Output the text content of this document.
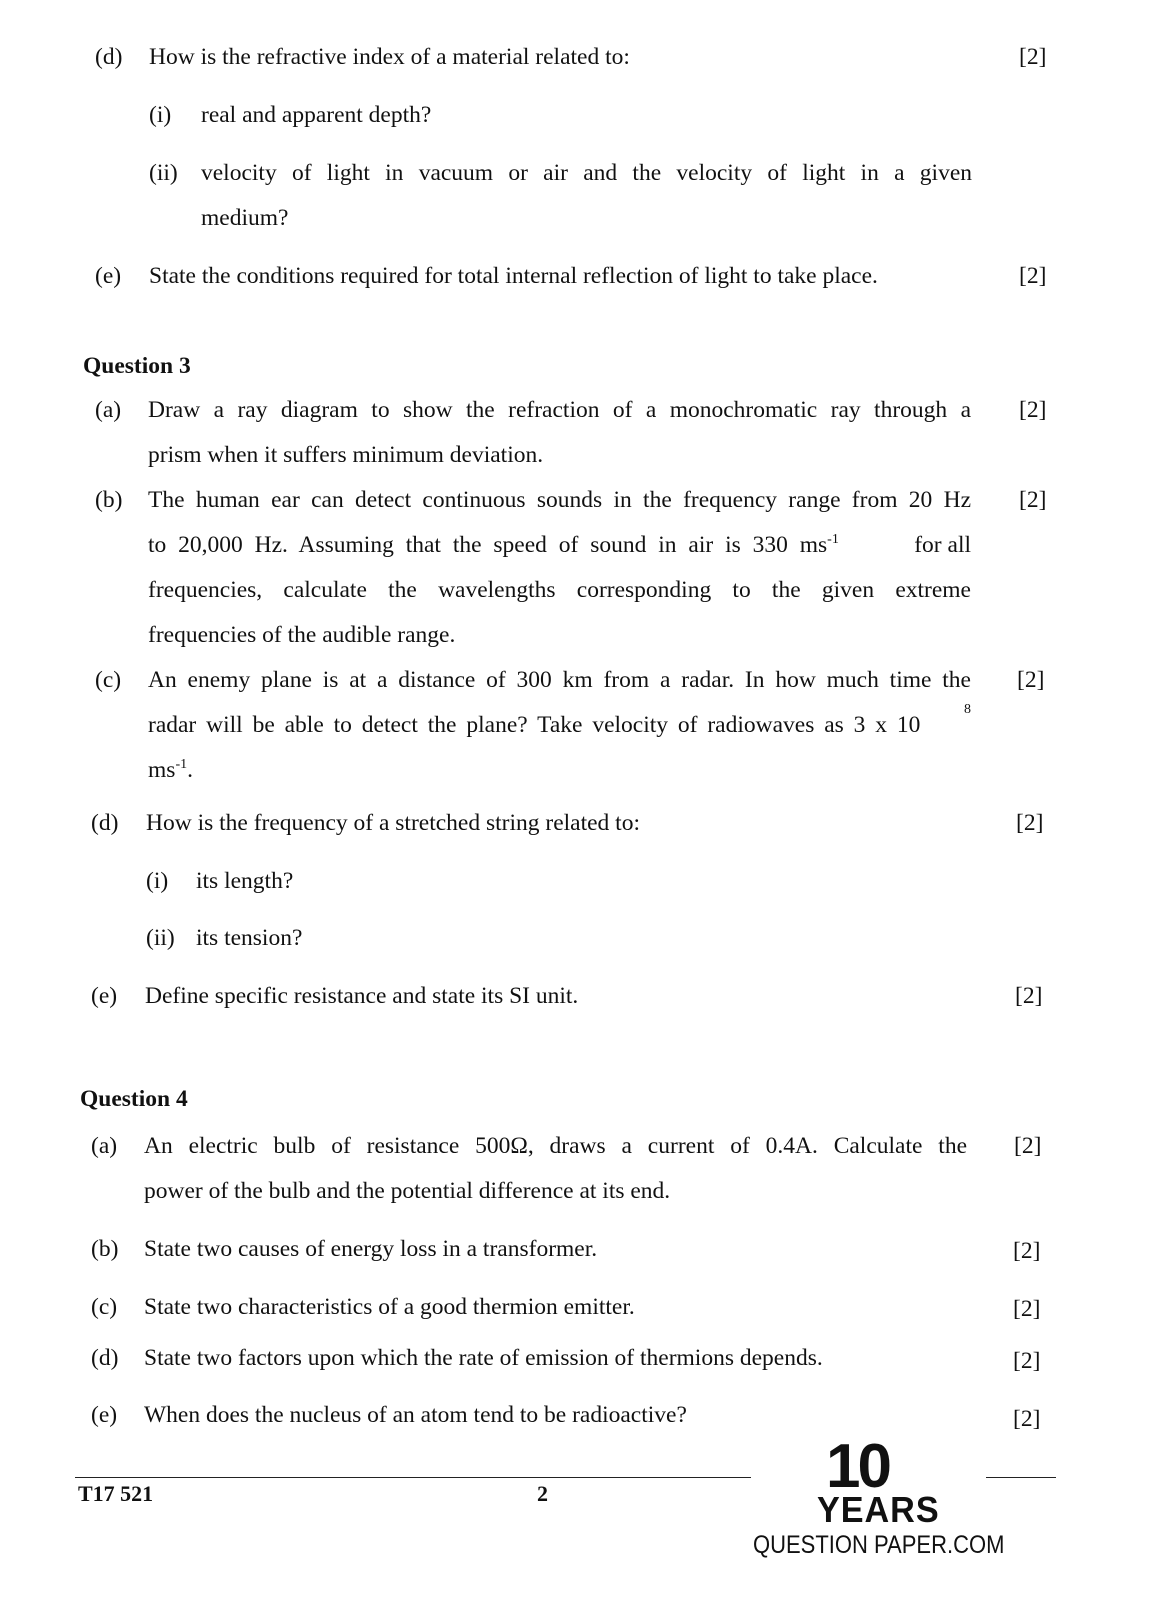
(d) How is the refractive index of a material related to:	[2]
(i) real and apparent depth?
(ii) velocity of light in vacuum or air and the velocity of light in a given
medium?
(e) State the conditions required for total internal reflection of light to take place.	[2]
Question 3
(a) Draw a ray diagram to show the refraction of a monochromatic ray through a [2]
prism when it suffers minimum deviation.
(b) The human ear can detect continuous sounds in the frequency range from 20 Hz [2]
to 20,000 Hz. Assuming that the speed of sound in air is 330 $ms^{-1}$	for all
frequencies, calculate the wavelengths corresponding to the given extreme
frequencies of the audible range.
(c) An enemy plane is at a distance of 300 km from a radar. In how much time the [2]
radar will be able to detect the plane? Take velocity of radiowaves as 3 x 10
8
$ms^{-1}$.
(d) How is the frequency of a stretched string related to:	[2]
(i) its length?
(ii) its tension?
(e) Define specific resistance and state its SI unit.	[2]
Question 4
(a) An electric bulb of resistance 500Ω, draws a current of 0.4A. Calculate the [2]
power of the bulb and the potential difference at its end.
(b) State two causes of energy loss in a transformer.	[2]
(c) State two characteristics of a good thermion emitter.	[2]
(d) State two factors upon which the rate of emission of thermions depends.	[2]
(e) When does the nucleus of an atom tend to be radioactive?	[2]
T17 521	2	10
YEARS
QUESTION PAPER.COM
